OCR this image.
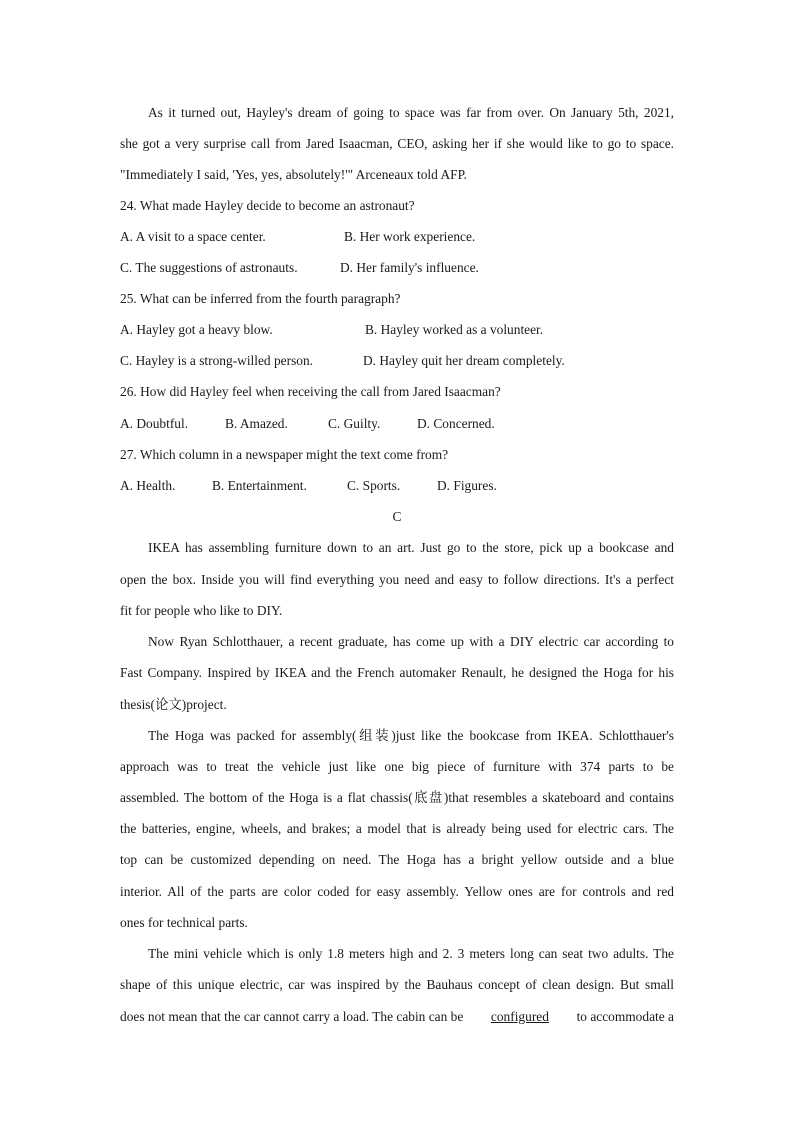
As it turned out, Hayley's dream of going to space was far from over. On January 5th, 2021,
she got a very surprise call from Jared Isaacman, CEO, asking her if she would like to go to space.
"Immediately I said, 'Yes, yes, absolutely!'" Arceneaux told AFP.
24. What made Hayley decide to become an astronaut?
A. A visit to a space center.	B. Her work experience.
C. The suggestions of astronauts.	D. Her family's influence.
25. What can be inferred from the fourth paragraph?
A. Hayley got a heavy blow.	B. Hayley worked as a volunteer.
C. Hayley is a strong-willed person.	D. Hayley quit her dream completely.
26. How did Hayley feel when receiving the call from Jared Isaacman?
A. Doubtful.	B. Amazed.	C. Guilty.	D. Concerned.
27. Which column in a newspaper might the text come from?
A. Health.	B. Entertainment.	C. Sports.	D. Figures.
C
IKEA has assembling furniture down to an art. Just go to the store, pick up a bookcase and
open the box. Inside you will find everything you need and easy to follow directions. It's a perfect
fit for people who like to DIY.
Now Ryan Schlotthauer, a recent graduate, has come up with a DIY electric car according to
Fast Company. Inspired by IKEA and the French automaker Renault, he designed the Hoga for his
thesis(论文)project.
The Hoga was packed for assembly(组装)just like the bookcase from IKEA. Schlotthauer's
approach was to treat the vehicle just like one big piece of furniture with 374 parts to be
assembled. The bottom of the Hoga is a flat chassis(底盘)that resembles a skateboard and contains
the batteries, engine, wheels, and brakes; a model that is already being used for electric cars. The
top can be customized depending on need. The Hoga has a bright yellow outside and a blue
interior. All of the parts are color coded for easy assembly. Yellow ones are for controls and red
ones for technical parts.
The mini vehicle which is only 1.8 meters high and 2. 3 meters long can seat two adults. The
shape of this unique electric, car was inspired by the Bauhaus concept of clean design. But small
does not mean that the car cannot carry a load. The cabin can be configured to accommodate a
